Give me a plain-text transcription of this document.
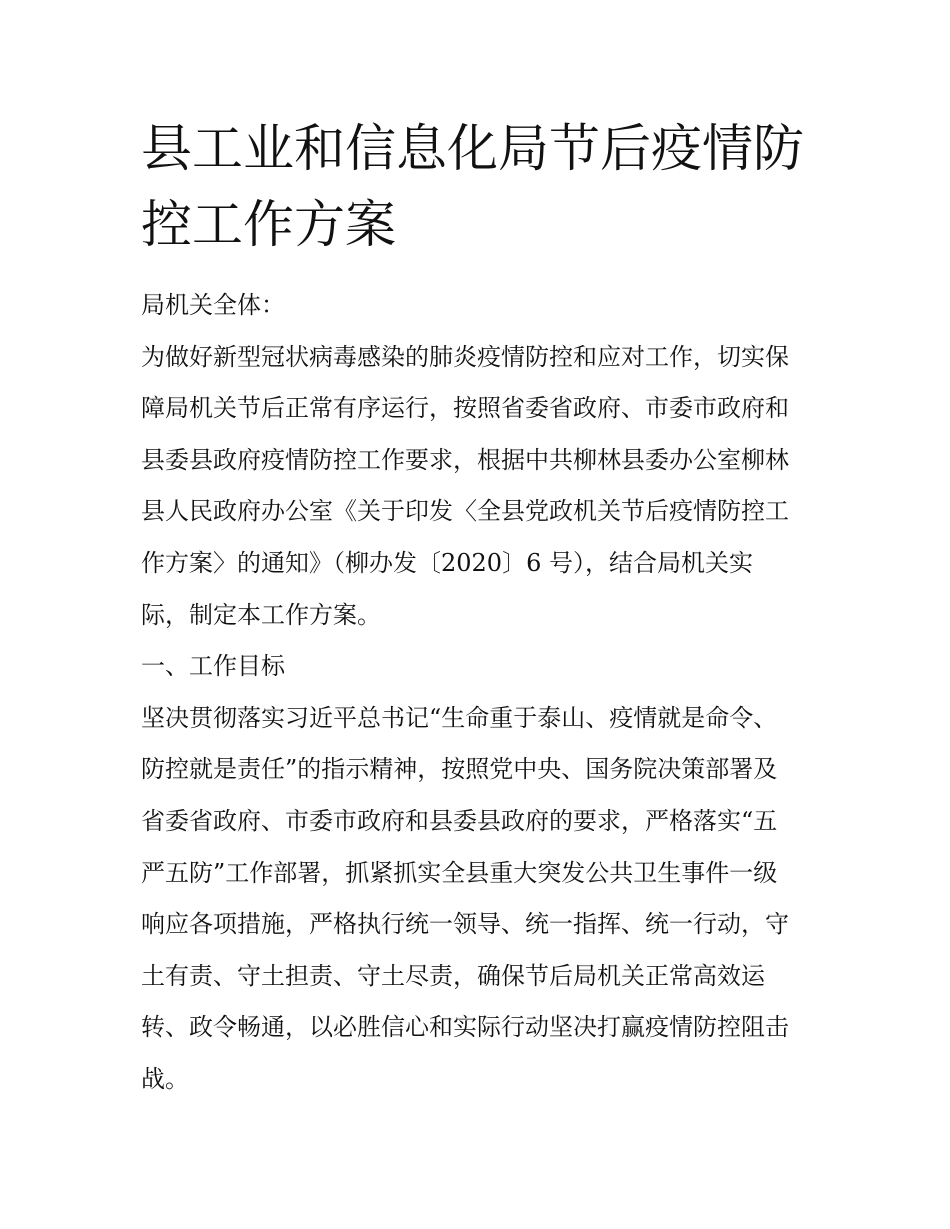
县工业和信息化局节后疫情防
控工作方案
局机关全体：
为做好新型冠状病毒感染的肺炎疫情防控和应对工作，切实保
障局机关节后正常有序运行，按照省委省政府、市委市政府和
县委县政府疫情防控工作要求，根据中共柳林县委办公室柳林
县人民政府办公室《关于印发〈全县党政机关节后疫情防控工
作方案〉的通知》（柳办发〔2020〕6 号），结合局机关实
际，制定本工作方案。
一、工作目标
坚决贯彻落实习近平总书记“生命重于泰山、疫情就是命令、
防控就是责任”的指示精神，按照党中央、国务院决策部署及
省委省政府、市委市政府和县委县政府的要求，严格落实“五
严五防”工作部署，抓紧抓实全县重大突发公共卫生事件一级
响应各项措施，严格执行统一领导、统一指挥、统一行动，守
土有责、守土担责、守土尽责，确保节后局机关正常高效运
转、政令畅通，以必胜信心和实际行动坚决打赢疫情防控阻击
战。
